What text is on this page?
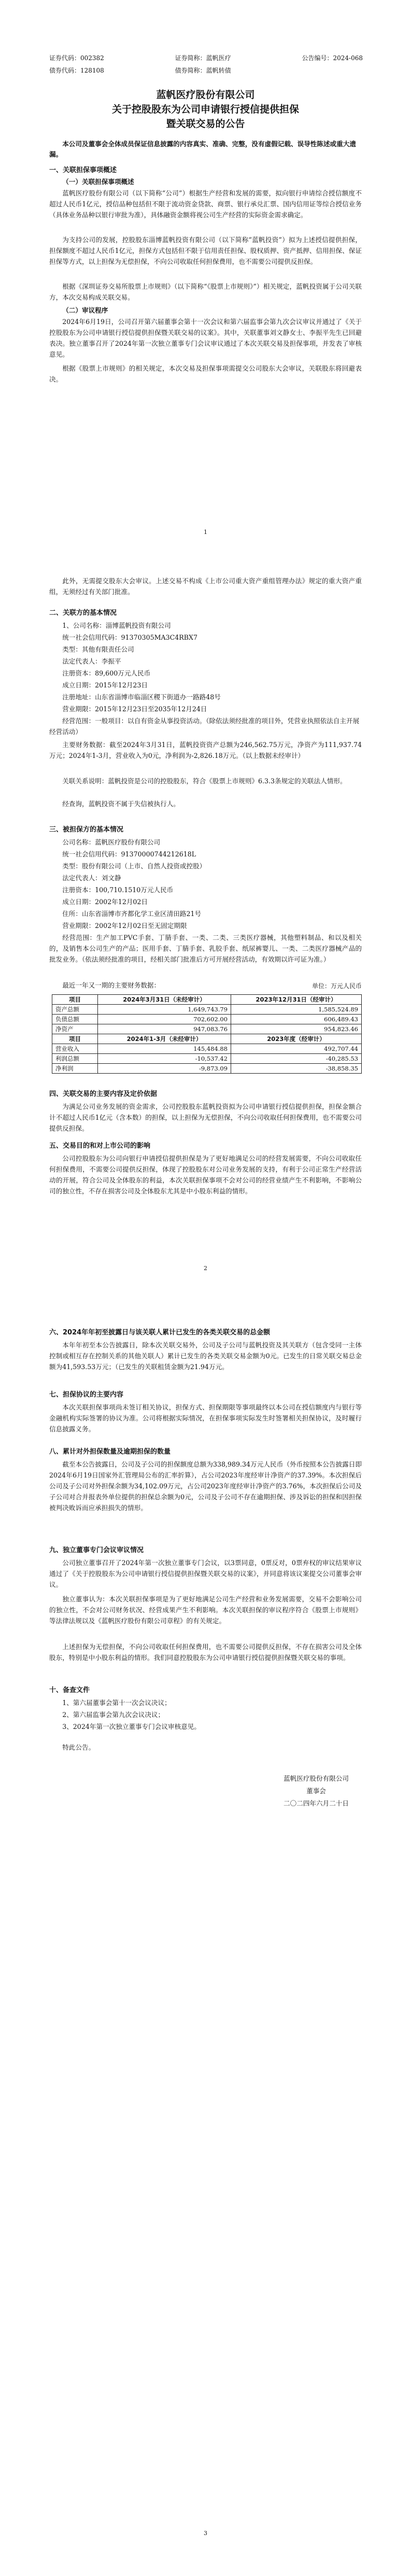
证券代码：002382	证券简称：蓝帆医疗	公告编号：2024-068
债券代码：128108	债券简称：蓝帆转债
蓝帆医疗股份有限公司
关于控股股东为公司申请银行授信提供担保
暨关联交易的公告
本公司及董事会全体成员保证信息披露的内容真实、准确、完整，没有虚假记载、误导性陈述或重大遗漏。
一、关联担保事项概述
（一）关联担保事项概述
蓝帆医疗股份有限公司（以下简称“公司”）根据生产经营和发展的需要，拟向银行申请综合授信额度不超过人民币1亿元，授信品种包括但不限于流动资金贷款、商票、银行承兑汇票、国内信用证等综合授信业务（具体业务品种以银行审批为准），具体融资金额将视公司生产经营的实际资金需求确定。
为支持公司的发展，控股股东淄博蓝帆投资有限公司（以下简称“蓝帆投资”）拟为上述授信提供担保，担保额度不超过人民币1亿元，担保方式包括但不限于信用责任担保、股权质押、资产抵押、信用担保、保证担保等方式，以上担保为无偿担保，不向公司收取任何担保费用，也不需要公司提供反担保。
根据《深圳证券交易所股票上市规则》（以下简称“《股票上市规则》”）相关规定，蓝帆投资属于公司关联方，本次交易构成关联交易。
（二）审议程序
2024年6月19日，公司召开第六届董事会第十一次会议和第六届监事会第九次会议审议并通过了《关于控股股东为公司申请银行授信提供担保暨关联交易的议案》。其中，关联董事刘文静女士、李振平先生已回避表决。独立董事召开了2024年第一次独立董事专门会议审议通过了本次关联交易及担保事项，并发表了审核意见。
根据《股票上市规则》的相关规定，本次交易及担保事项需提交公司股东大会审议，关联股东将回避表决。
1
此外，无需提交股东大会审议。上述交易不构成《上市公司重大资产重组管理办法》规定的重大资产重组，无须经过有关部门批准。
二、关联方的基本情况
1、公司名称：淄博蓝帆投资有限公司
统一社会信用代码：91370305MA3C4RBX7
类型：其他有限责任公司
法定代表人：李振平
注册资本：89,600万元人民币
成立日期：2015年12月23日
注册地址：山东省淄博市临淄区稷下街道办一路路48号
营业期限：2015年12月23日至2035年12月24日
经营范围：一般项目：以自有资金从事投资活动。（除依法须经批准的项目外，凭营业执照依法自主开展经营活动）
主要财务数据：截至2024年3月31日，蓝帆投资资产总额为246,562.75万元，净资产为111,937.74万元；2024年1-3月，营业收入为0元，净利润为-2,826.18万元。（以上数据未经审计）
关联关系说明：蓝帆投资是公司的控股股东，符合《股票上市规则》6.3.3条规定的关联法人情形。
经查询，蓝帆投资不属于失信被执行人。
三、被担保方的基本情况
公司名称：蓝帆医疗股份有限公司
统一社会信用代码：91370000744212618L
类型：股份有限公司（上市、自然人投资或控股）
法定代表人：刘文静
注册资本：100,710.1510万元人民币
成立日期：2002年12月02日
住所：山东省淄博市齐都化学工业区清田路21号
营业期限：2002年12月02日至无固定期限
经营范围：生产加工PVC手套、丁腈手套、一类、二类、三类医疗器械，其他塑料制品、和以及相关的，及销售本公司生产的产品；医用手套、丁腈手套、乳胶手套、纸尿裤婴儿、一类、二类医疗器械产品的批发业务。（依法须经批准的项目，经相关部门批准后方可开展经营活动，有效期以许可证为准。）
最近一年又一期的主要财务数据：	单位：万元人民币
项目	2024年3月31日（未经审计）	2023年12月31日（经审计）
资产总额	1,649,743.79	1,585,524.89
负债总额	702,602.00	606,489.43
净资产	947,083.76	954,823.46
项目	2024年1-3月（未经审计）	2023年度（经审计）
营业收入	145,484.88	492,707.44
利润总额	-10,537.42	-40,285.53
净利润	-9,873.09	-38,858.35
四、关联交易的主要内容及定价依据
为满足公司业务发展的资金需求，公司控股股东蓝帆投资拟为公司申请银行授信提供担保，担保金额合计不超过人民币1亿元（含本数）的担保，以上担保为无偿担保，不向公司收取任何担保费用，也不需要公司提供反担保。
五、交易目的和对上市公司的影响
公司控股股东为公司向银行申请授信提供担保是为了更好地满足公司的经营发展需要，不向公司收取任何担保费用，不需要公司提供反担保，体现了控股股东对公司业务发展的支持，有利于公司正常生产经营活动的开展，符合公司及全体股东的利益，本次关联担保事项不会对公司的经营业绩产生不利影响，不影响公司的独立性，不存在损害公司及全体股东尤其是中小股东利益的情形。
2
六、2024年年初至披露日与该关联人累计已发生的各类关联交易的总金额
本年年初至本公告披露日，除本次关联交易外，公司及子公司与蓝帆投资及其关联方（包含受同一主体控制或相互存在控制关系的其他关联人）累计已发生的各类关联交易金额为0元。已发生的日常关联交易总金额为41,593.53万元；（已发生的关联租赁金额为21.94万元。
七、担保协议的主要内容
本次关联担保事项尚未签订相关协议，担保方式、担保期限等事项最终以本公司在授信额度内与银行等金融机构实际签署的协议为准。公司将根据实际情况，在担保事项实际发生时签署相关担保协议，及时履行信息披露义务。
八、累计对外担保数量及逾期担保的数量
截至本公告披露日，公司及子公司的担保额度总额为338,989.34万元人民币（外币按照本公告披露日即2024年6月19日国家外汇管理局公布的汇率折算），占公司2023年度经审计净资产的37.39%。本次担保后公司及子公司对外担保余额为34,102.09万元，占公司2023年度经审计净资产的3.76%，本次担保后公司及子公司对合并报表外单位提供的担保总余额为0元，公司及子公司不存在逾期担保、涉及诉讼的担保和因担保被判决败诉而应承担损失的情形。
九、独立董事专门会议审议情况
公司独立董事召开了2024年第一次独立董事专门会议，以3票同意，0票反对，0票弃权的审议结果审议通过了《关于控股股东为公司申请银行授信提供担保暨关联交易的议案》，并同意将该议案提交公司董事会审议。
独立董事认为：本次关联担保事项是为了更好地满足公司生产经营和业务发展需要，交易不会影响公司的独立性，不会对公司财务状况、经营成果产生不利影响。本次关联担保的审议程序符合《股票上市规则》等法律法规以及《蓝帆医疗股份有限公司章程》的有关规定。
上述担保为无偿担保，不向公司收取任何担保费用，也不需要公司提供反担保，不存在损害公司及全体股东，特别是中小股东利益的情形。我们同意控股股东为公司申请银行授信提供担保暨关联交易的事项。
十、备查文件
1、第六届董事会第十一次会议决议；
2、第六届监事会第九次会议决议；
3、2024年第一次独立董事专门会议审核意见。
特此公告。
蓝帆医疗股份有限公司
董事会
二〇二四年六月二十日
3
